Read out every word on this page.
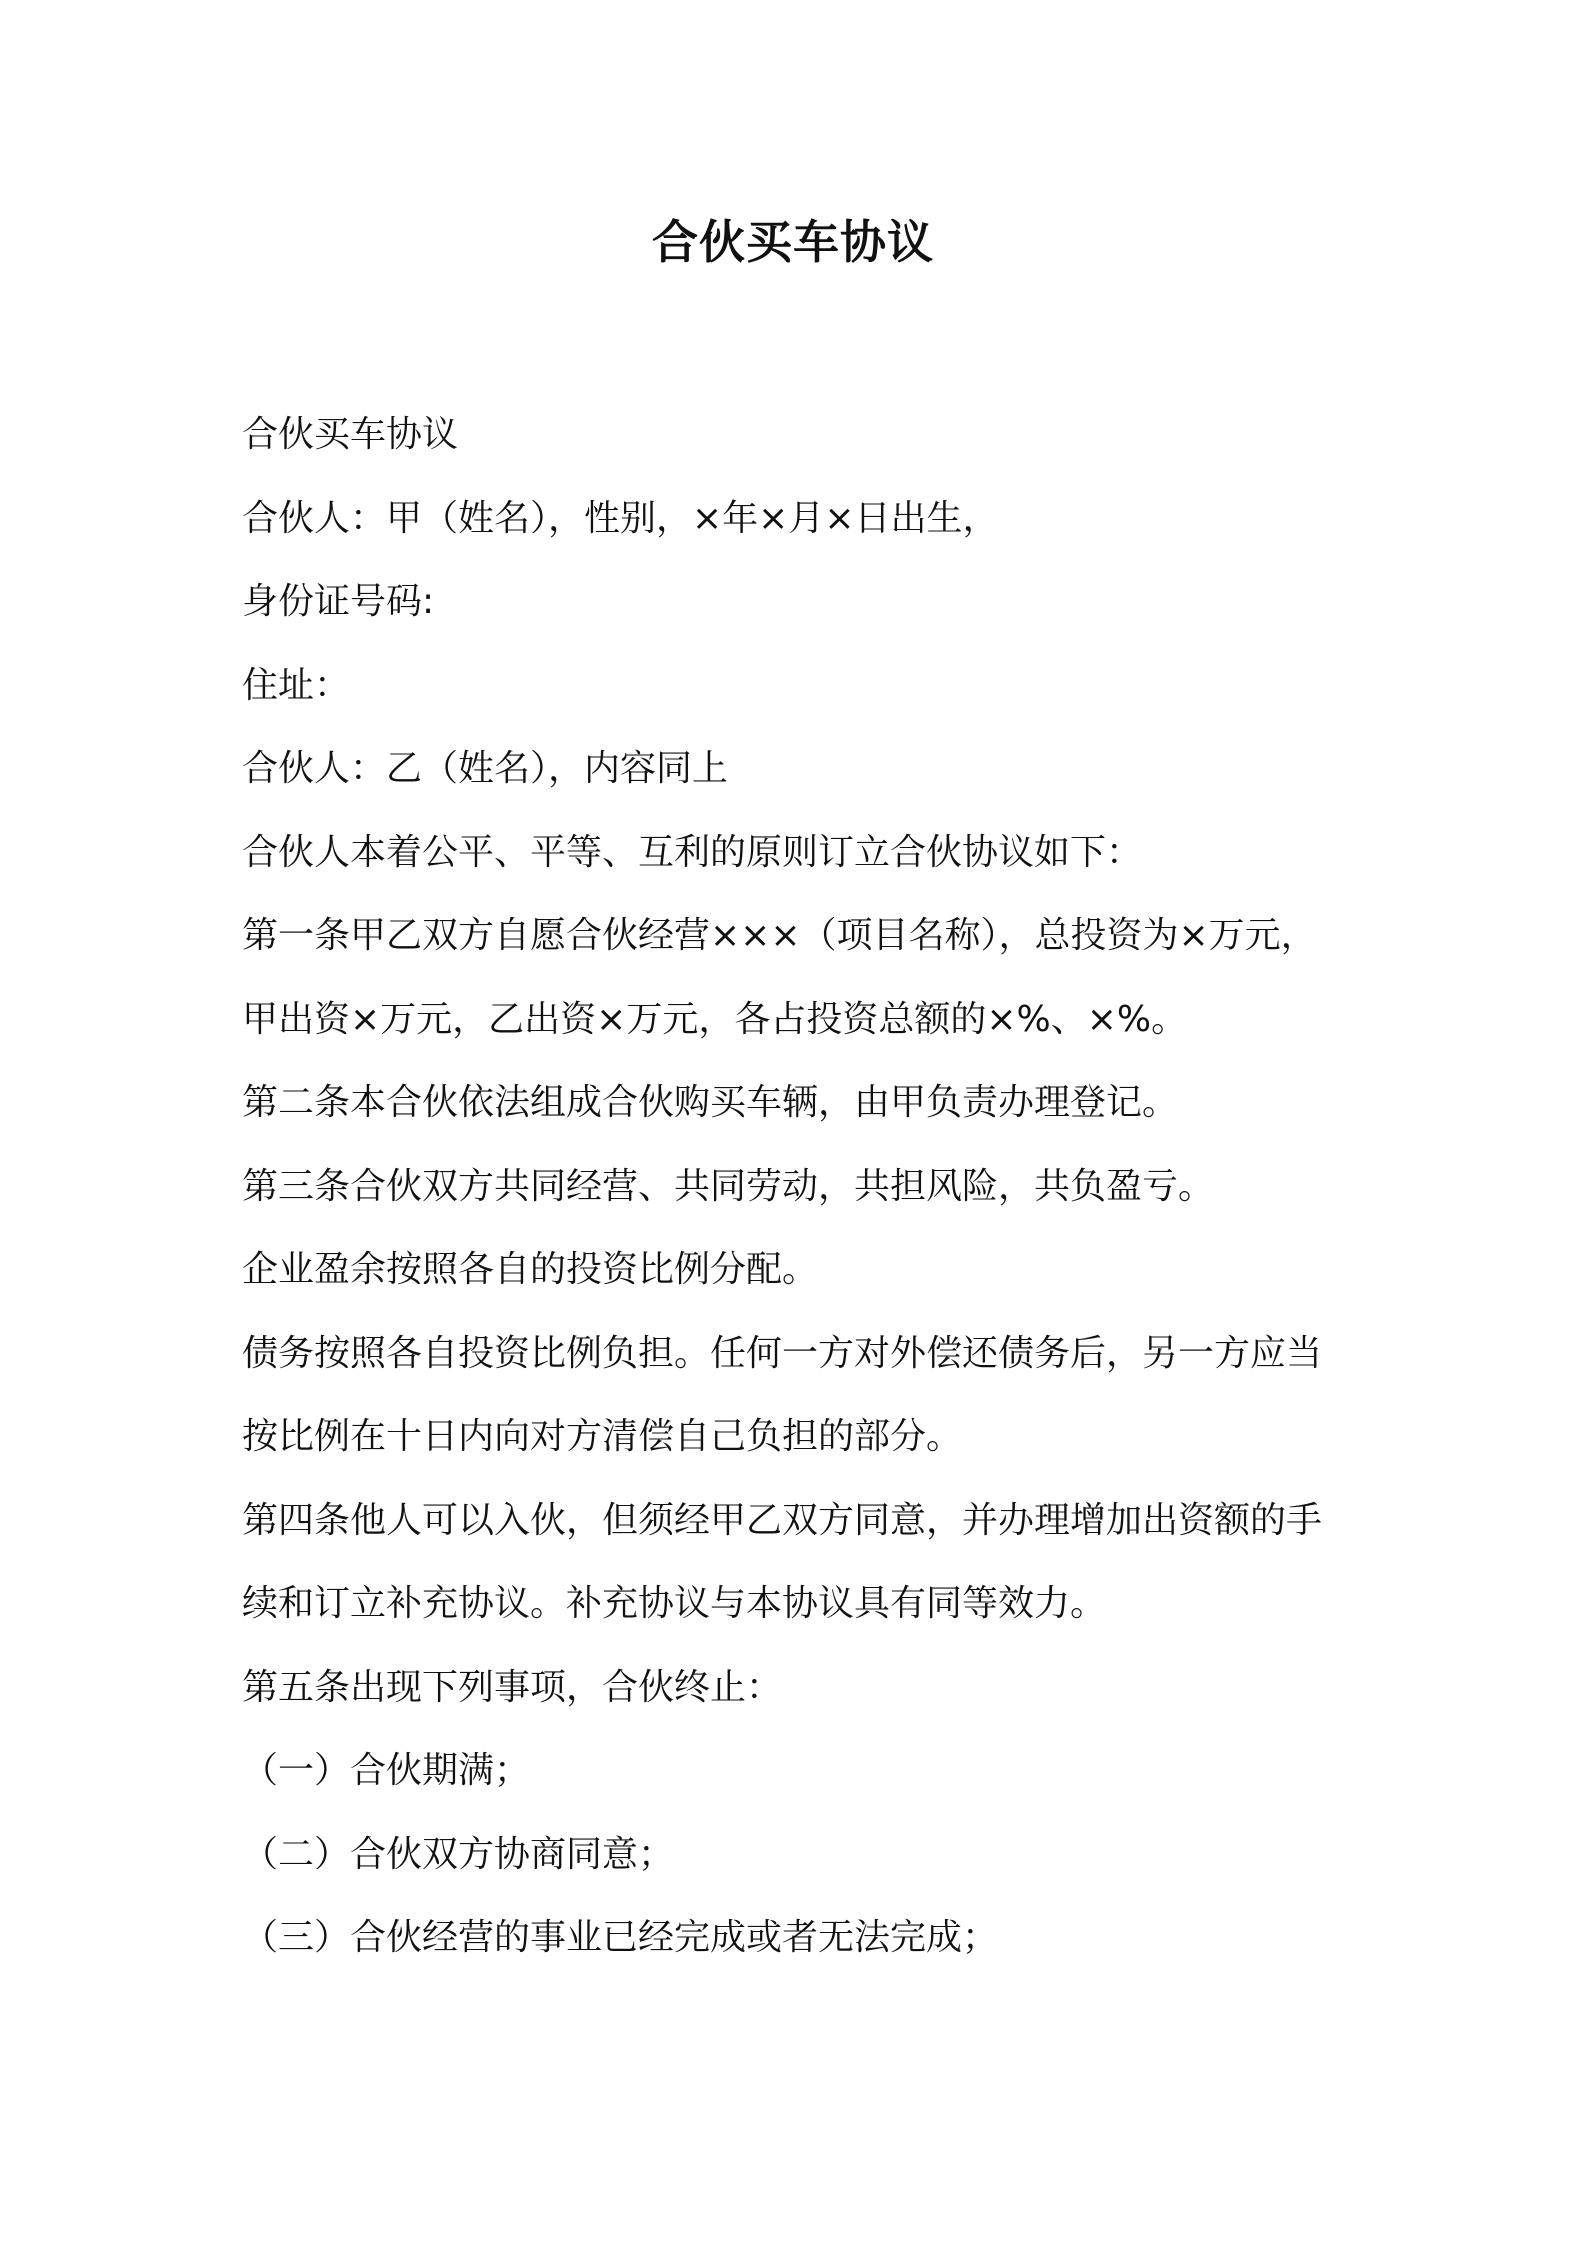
合伙买车协议

合伙买车协议

合伙人：甲（姓名），性别，×年×月×日出生，

身份证号码:

住址：

合伙人：乙（姓名），内容同上

合伙人本着公平、平等、互利的原则订立合伙协议如下：

第一条甲乙双方自愿合伙经营×××（项目名称），总投资为×万元，

甲出资×万元，乙出资×万元，各占投资总额的×%、×%。

第二条本合伙依法组成合伙购买车辆，由甲负责办理登记。

第三条合伙双方共同经营、共同劳动，共担风险，共负盈亏。

企业盈余按照各自的投资比例分配。

债务按照各自投资比例负担。任何一方对外偿还债务后，另一方应当

按比例在十日内向对方清偿自己负担的部分。

第四条他人可以入伙，但须经甲乙双方同意，并办理增加出资额的手

续和订立补充协议。补充协议与本协议具有同等效力。

第五条出现下列事项，合伙终止：

（一）合伙期满；

（二）合伙双方协商同意；

（三）合伙经营的事业已经完成或者无法完成；
